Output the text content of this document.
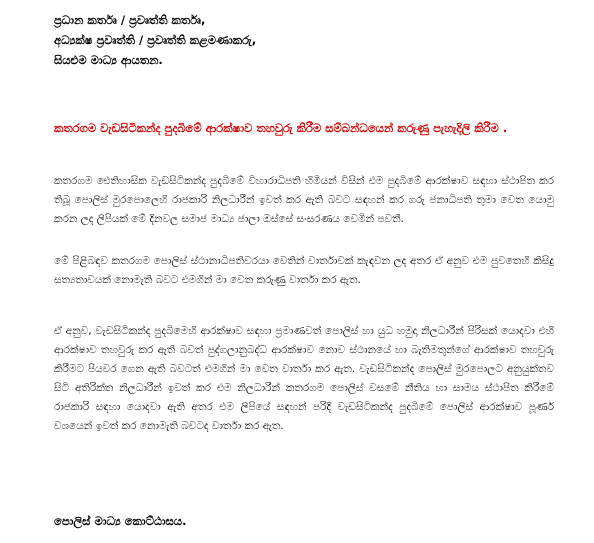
ප්‍රධාන කර්තෘ / ප්‍රවෘත්ති කර්තෘ,
අධ්‍යක්ෂ ප්‍රවෘත්ති / ප්‍රවෘත්ති කළමණාකරු,
සියළුම මාධ්‍ය ආයතන.
කතරගම වැඩසිටිකන්ද පුදබිමේ ආරක්ෂාව තහවුරු කිරීම සම්බන්ධයෙන් කරුණු පැහැදිලි කිරීම .
කතරගම ඓතිහාසික වැඩසිටිකන්ද පුදබිමේ විහාරාධිපති හිමියන් විසින් එම පුදබිමේ ආරක්ෂාව සඳහා ස්ථාපිත කර තිබූ පොලිස් මුරපොලෙහි රාජකාරි නිලධාරීන් ඉවත් කර ඇති බවට සඳහන් කර ගරු ජනාධිපති තුමා වෙත යොමු කරන ලද ලිපියක් මේ දිනවල සමාජ මාධ්‍ය ජාලා ඔස්සේ සංසරණය වෙමින් පවතී.
මේ පිළිබඳව කතරගම පොලිස් ස්ථානාධිපතිවරයා වෙතින් වාර්තාවක් කැඳවන ලද අතර ඒ අනුව එම පුවතෙහි කිසිදු සත්‍යතාවයක් නොමැති බවට එමගින් මා වෙත කරුණු වාර්තා කර ඇත.
ඒ අනුව, වැඩසිටිකන්ද පුදබිමෙහි ආරක්ෂාව සඳහා ප්‍රමාණවත් පොලිස් හා යුධ හමුදා නිලධාරීන් පිරිසක් යොදවා එහි ආරක්ෂාව තහවුරු කර ඇති බවත් පුද්ගලානුබද්ධ ආරක්ෂාව නොව ස්ථානයේ හා බැතිමතුන්ගේ ආරක්ෂාව තහවුරු කිරීමට පියවර ගෙන ඇති බවටත් එමගින් මා වෙත වාර්තා කර ඇත. වැඩසිටිකන්ද පොලිස් මුරපොලට අනුයුක්තව සිටි අතිරික්ත නිලධාරීන් ඉවත් කර එම නිලධාරීන් කතරගම පොලිස් වසමේ නීතිය හා සාමය ස්ථාපිත කිරීමේ රාජකාරි සඳහා යොදවා ඇති අතර එම ලිපියේ සඳහන් පරිදි වැඩසිටිකන්ද පුදබිමේ පොලිස් ආරක්ෂාව පූර්ණ වශයෙන් ඉවත් කර නොමැති බවටද වාර්තා කර ඇත.
පොලිස් මාධ්‍ය කොට්ඨාසය.
